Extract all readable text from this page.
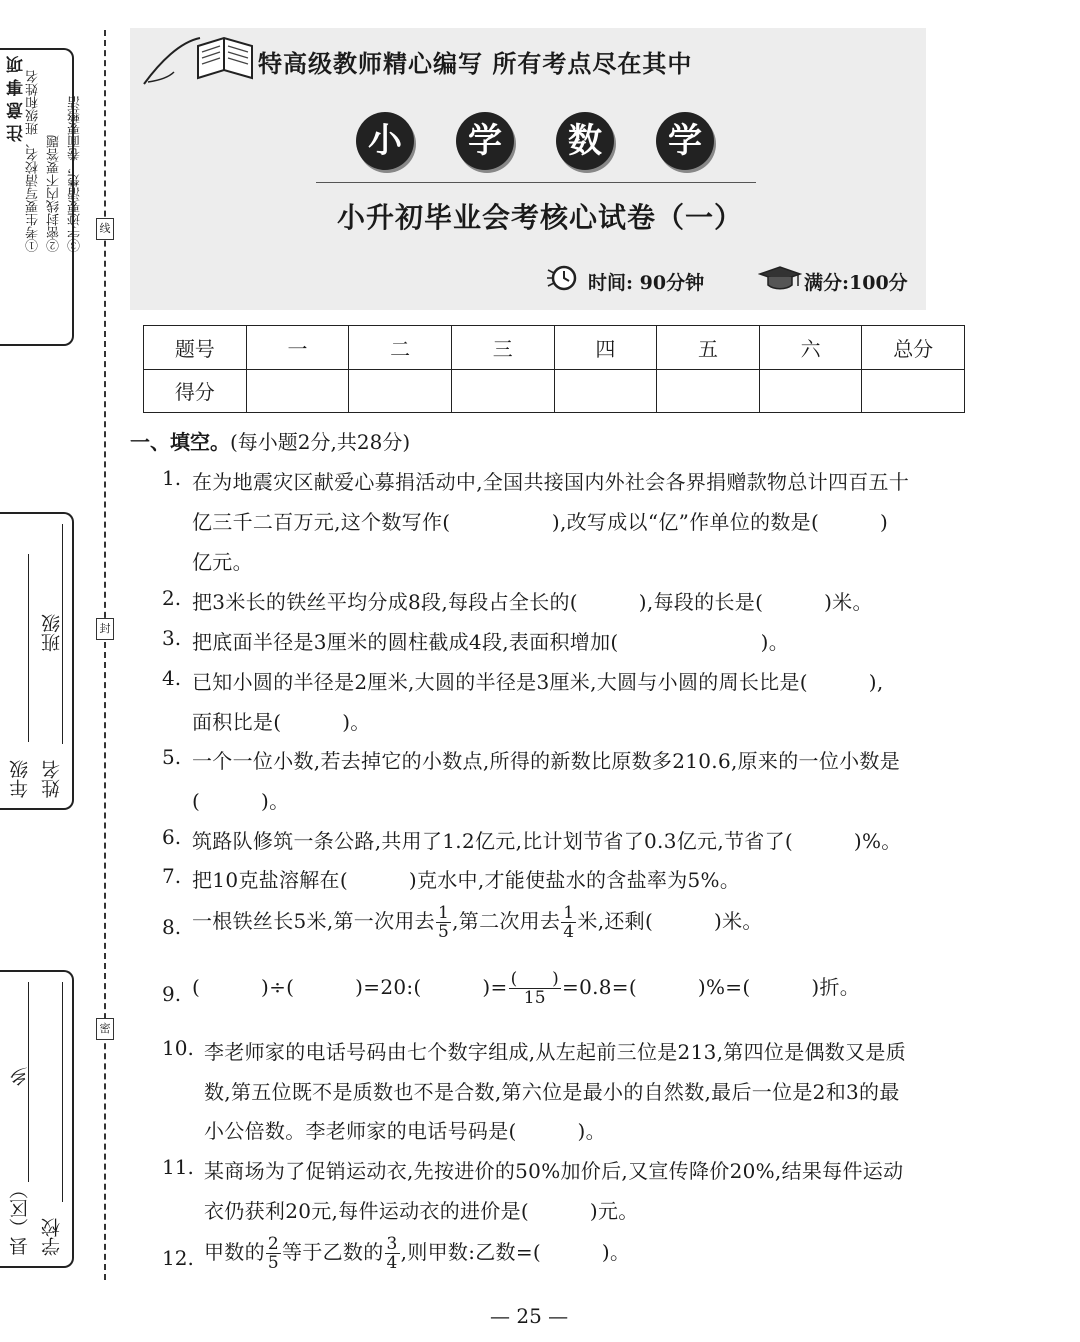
注意事项 ①考生要写清校名、班级和姓名 ②密封线内不要答题 ③字迹要清楚，卷面要整洁
年级
班级
姓名
县（区）
乡
学校
线
封
密
特高级教师精心编写 所有考点尽在其中
小	学	数	学
小升初毕业会考核心试卷（一）
时间: 90分钟	满分:100分
题号	一	二	三	四	五	六	总分
得分							
一、填空。(每小题2分,共28分)
1. 在为地震灾区献爱心募捐活动中,全国共接国内外社会各界捐赠款物总计四百五十
亿三千二百万元,这个数写作(　　　　　),改写成以“亿”作单位的数是(　　　)
亿元。
2. 把3米长的铁丝平均分成8段,每段占全长的(　　　),每段的长是(　　　)米。
3. 把底面半径是3厘米的圆柱截成4段,表面积增加(　　　　　　　)。
4. 已知小圆的半径是2厘米,大圆的半径是3厘米,大圆与小圆的周长比是(　　　),
面积比是(　　　)。
5. 一个一位小数,若去掉它的小数点,所得的新数比原数多210.6,原来的一位小数是
(　　　)。
6. 筑路队修筑一条公路,共用了1.2亿元,比计划节省了0.3亿元,节省了(　　　)%。
7. 把10克盐溶解在(　　　)克水中,才能使盐水的含盐率为5%。
8. 一根铁丝长5米,第一次用去 $\frac{1}{5}$ ,第二次用去 $\frac{1}{4}$ 米,还剩(　　　)米。
9. (　　　)÷(　　　)=20:(　　　)= $\frac{( )}{15} =0.8=$(　　　)%=(　　　)折。
10. 李老师家的电话号码由七个数字组成,从左起前三位是213,第四位是偶数又是质
数,第五位既不是质数也不是合数,第六位是最小的自然数,最后一位是2和3的最
小公倍数。李老师家的电话号码是(　　　)。
11. 某商场为了促销运动衣,先按进价的50%加价后,又宣传降价20%,结果每件运动
衣仍获利20元,每件运动衣的进价是(　　　)元。
12. 甲数的 $\frac{2}{5}$ 等于乙数的 $\frac{3}{4}$ ,则甲数:乙数=(　　　)。
— 25 —
